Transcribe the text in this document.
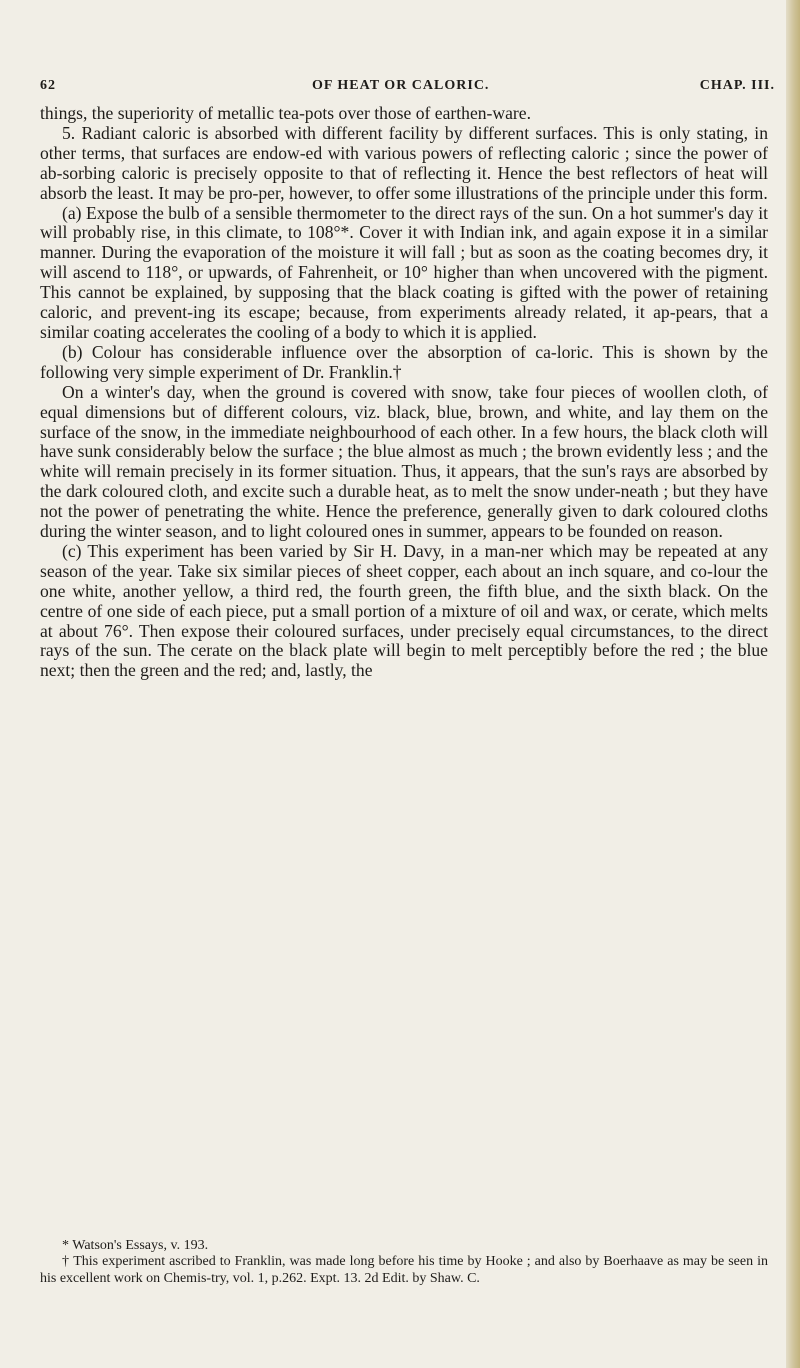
62	OF HEAT OR CALORIC.	CHAP. III.

things, the superiority of metallic tea-pots over those of earthen-ware.

5. Radiant caloric is absorbed with different facility by different surfaces. This is only stating, in other terms, that surfaces are endow-ed with various powers of reflecting caloric ; since the power of ab-sorbing caloric is precisely opposite to that of reflecting it. Hence the best reflectors of heat will absorb the least. It may be pro-per, however, to offer some illustrations of the principle under this form.

(a) Expose the bulb of a sensible thermometer to the direct rays of the sun. On a hot summer's day it will probably rise, in this climate, to 108°*. Cover it with Indian ink, and again expose it in a similar manner. During the evaporation of the moisture it will fall ; but as soon as the coating becomes dry, it will ascend to 118°, or upwards, of Fahrenheit, or 10° higher than when uncovered with the pigment. This cannot be explained, by supposing that the black coating is gifted with the power of retaining caloric, and prevent-ing its escape; because, from experiments already related, it ap-pears, that a similar coating accelerates the cooling of a body to which it is applied.

(b) Colour has considerable influence over the absorption of ca-loric. This is shown by the following very simple experiment of Dr. Franklin.†

On a winter's day, when the ground is covered with snow, take four pieces of woollen cloth, of equal dimensions but of different colours, viz. black, blue, brown, and white, and lay them on the surface of the snow, in the immediate neighbourhood of each other. In a few hours, the black cloth will have sunk considerably below the surface ; the blue almost as much ; the brown evidently less ; and the white will remain precisely in its former situation. Thus, it appears, that the sun's rays are absorbed by the dark coloured cloth, and excite such a durable heat, as to melt the snow under-neath ; but they have not the power of penetrating the white. Hence the preference, generally given to dark coloured cloths during the winter season, and to light coloured ones in summer, appears to be founded on reason.

(c) This experiment has been varied by Sir H. Davy, in a man-ner which may be repeated at any season of the year. Take six similar pieces of sheet copper, each about an inch square, and co-lour the one white, another yellow, a third red, the fourth green, the fifth blue, and the sixth black. On the centre of one side of each piece, put a small portion of a mixture of oil and wax, or cerate, which melts at about 76°. Then expose their coloured surfaces, under precisely equal circumstances, to the direct rays of the sun. The cerate on the black plate will begin to melt perceptibly before the red ; the blue next; then the green and the red; and, lastly, the

* Watson's Essays, v. 193.

† This experiment ascribed to Franklin, was made long before his time by Hooke ; and also by Boerhaave as may be seen in his excellent work on Chemis-try, vol. 1, p.262. Expt. 13. 2d Edit. by Shaw. C.
